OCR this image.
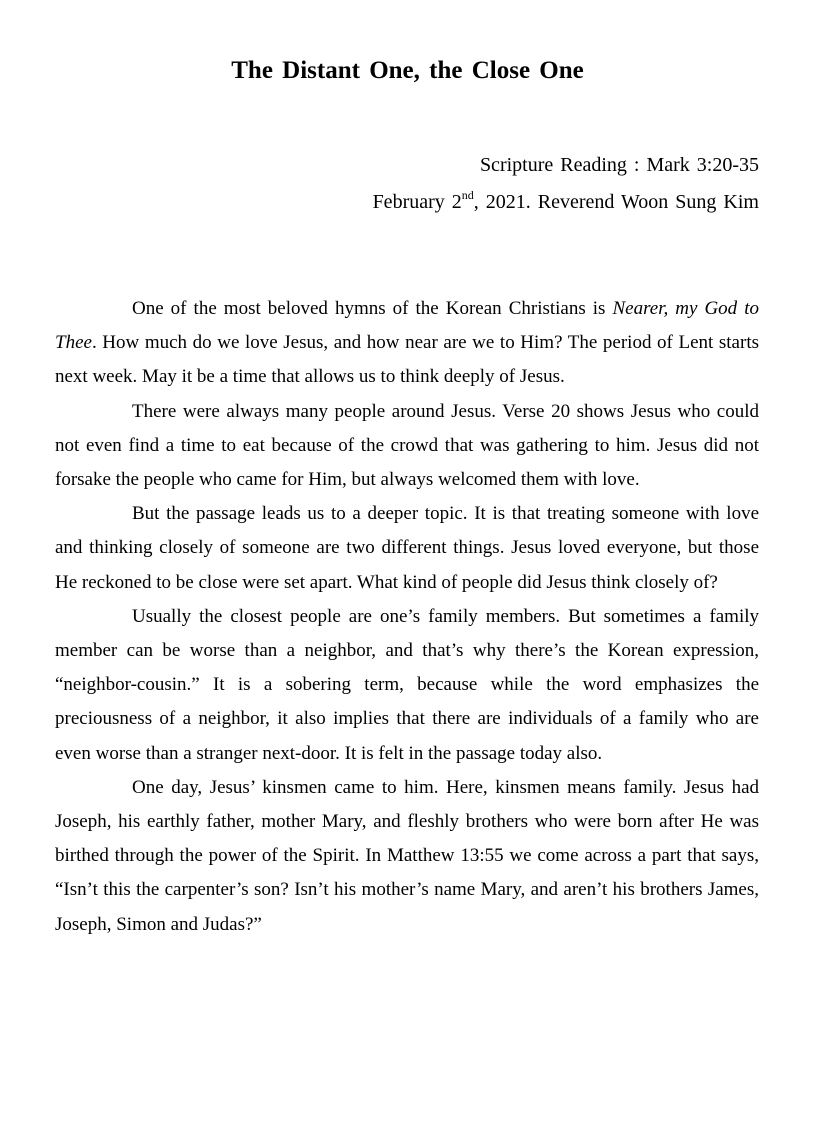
The Distant One, the Close One
Scripture Reading : Mark 3:20-35
February 2nd, 2021. Reverend Woon Sung Kim

One of the most beloved hymns of the Korean Christians is Nearer, my God to Thee. How much do we love Jesus, and how near are we to Him? The period of Lent starts next week. May it be a time that allows us to think deeply of Jesus.

There were always many people around Jesus. Verse 20 shows Jesus who could not even find a time to eat because of the crowd that was gathering to him. Jesus did not forsake the people who came for Him, but always welcomed them with love.

But the passage leads us to a deeper topic. It is that treating someone with love and thinking closely of someone are two different things. Jesus loved everyone, but those He reckoned to be close were set apart. What kind of people did Jesus think closely of?

Usually the closest people are one’s family members. But sometimes a family member can be worse than a neighbor, and that’s why there’s the Korean expression, “neighbor-cousin.” It is a sobering term, because while the word emphasizes the preciousness of a neighbor, it also implies that there are individuals of a family who are even worse than a stranger next-door. It is felt in the passage today also.

One day, Jesus’ kinsmen came to him. Here, kinsmen means family. Jesus had Joseph, his earthly father, mother Mary, and fleshly brothers who were born after He was birthed through the power of the Spirit. In Matthew 13:55 we come across a part that says, “Isn’t this the carpenter’s son? Isn’t his mother’s name Mary, and aren’t his brothers James, Joseph, Simon and Judas?”
